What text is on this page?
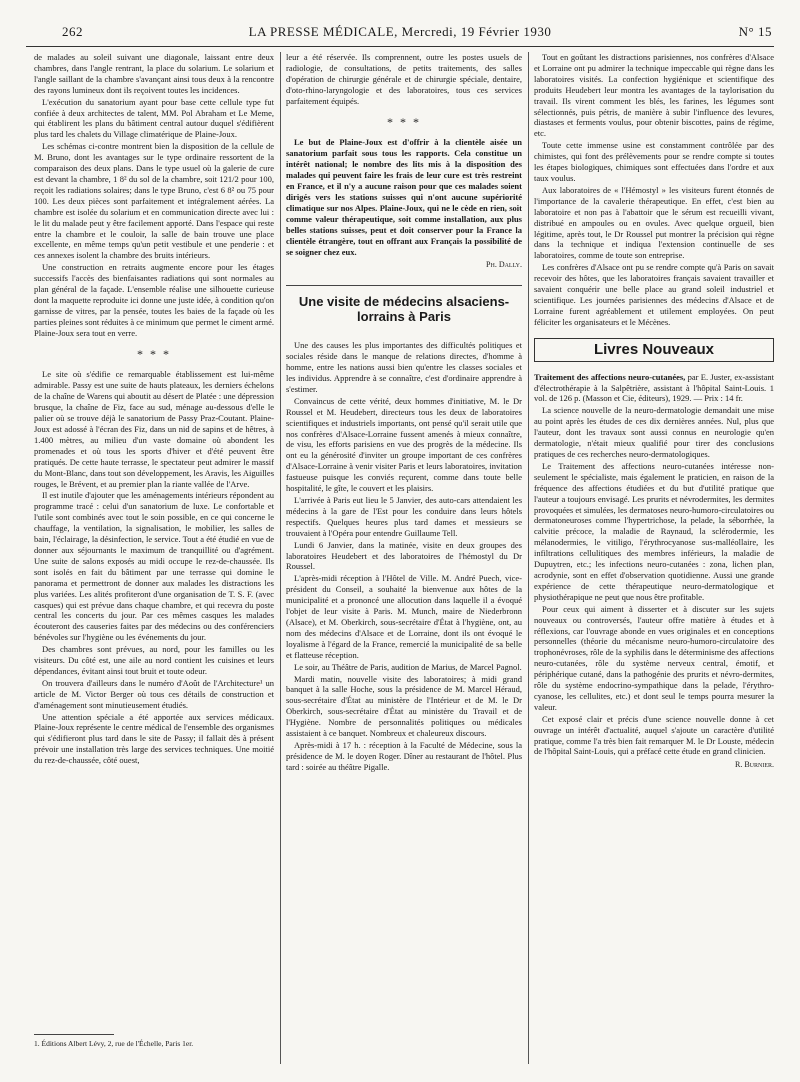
262	LA PRESSE MÉDICALE, Mercredi, 19 Février 1930	N° 15

de malades au soleil suivant une diagonale, laissant entre deux chambres, dans l'angle rentrant, la place du solarium. Le solarium et l'angle saillant de la chambre s'avançant ainsi tous deux à la rencontre des rayons lumineux dont ils reçoivent toutes les incidences.

L'exécution du sanatorium ayant pour base cette cellule type fut confiée à deux architectes de talent, MM. Pol Abraham et Le Meme, qui établirent les plans du bâtiment central autour duquel s'édifièrent plus tard les chalets du Village climatérique de Plaine-Joux.

Les schémas ci-contre montrent bien la disposition de la cellule de M. Bruno, dont les avantages sur le type ordinaire ressortent de la comparaison des deux plans. Dans le type usuel où la galerie de cure est devant la chambre, 1 8² du sol de la chambre, soit 121/2 pour 100, reçoit les radiations solaires; dans le type Bruno, c'est 6 8² ou 75 pour 100. Les deux pièces sont parfaitement et intégralement aérées. La chambre est isolée du solarium et en communication directe avec lui : le lit du malade peut y être facilement apporté. Dans l'espace qui reste entre la chambre et le couloir, la salle de bain trouve une place excellente, en même temps qu'un petit vestibule et une penderie : et ces annexes isolent la chambre des bruits intérieurs.

Une construction en retraits augmente encore pour les étages successifs l'accès des bienfaisantes radiations qui sont normales au plan général de la façade. L'ensemble réalise une silhouette curieuse dont la maquette reproduite ici donne une juste idée, à condition qu'on garnisse de vitres, par la pensée, toutes les baies de la façade où les parties pleines sont réduites à ce minimum que permet le ciment armé. Plaine-Joux sera tout en verre.

* * *

Le site où s'édifie ce remarquable établissement est lui-même admirable. Passy est une suite de hauts plateaux, les derniers échelons de la chaîne de Warens qui aboutit au désert de Platée : une dépression brusque, la chaîne de Fiz, face au sud, ménage au-dessous d'elle le palier où se trouve déjà le sanatorium de Passy Praz-Coutant. Plaine-Joux est adossé à l'écran des Fiz, dans un nid de sapins et de hêtres, à 1.400 mètres, au milieu d'un vaste domaine où abondent les promenades et où tous les sports d'hiver et d'été peuvent être pratiqués. De cette haute terrasse, le spectateur peut admirer le massif du Mont-Blanc, dans tout son développement, les Aravis, les Aiguilles rouges, le Brévent, et au premier plan la riante vallée de l'Arve.

Il est inutile d'ajouter que les aménagements intérieurs répondent au programme tracé : celui d'un sanatorium de luxe. Le confortable et l'utile sont combinés avec tout le soin possible, en ce qui concerne le chauffage, la ventilation, la signalisation, le mobilier, les salles de bain, l'éclairage, la désinfection, le service. Tout a été étudié en vue de donner aux séjournants le maximum de tranquillité ou d'agrément. Une suite de salons exposés au midi occupe le rez-de-chaussée. Ils sont isolés en fait du bâtiment par une terrasse qui domine le panorama et permettront de donner aux malades les distractions les plus variées. Les alités profiteront d'une organisation de T. S. F. (avec casques) qui est prévue dans chaque chambre, et qui recevra du poste central les concerts du jour. Par ces mêmes casques les malades écouteront des causeries faites par des médecins ou des conférenciers bénévoles sur l'hygiène ou les événements du jour.

Des chambres sont prévues, au nord, pour les familles ou les visiteurs. Du côté est, une aile au nord contient les cuisines et leurs dépendances, évitant ainsi tout bruit et toute odeur.

On trouvera d'ailleurs dans le numéro d'Août de l'Architecture¹ un article de M. Victor Berger où tous ces détails de construction et d'aménagement sont minutieusement étudiés.

Une attention spéciale a été apportée aux services médicaux. Plaine-Joux représente le centre médical de l'ensemble des organismes qui s'édifieront plus tard dans le site de Passy; il fallait dès à présent prévoir une installation très large des services techniques. Une moitié du rez-de-chaussée, côté ouest,

1. Éditions Albert Lévy, 2, rue de l'Échelle, Paris 1er.

leur a été réservée. Ils comprennent, outre les postes usuels de radiologie, de consultations, de petits traitements, des salles d'opération de chirurgie générale et de chirurgie spéciale, dentaire, d'oto-rhino-laryngologie et des laboratoires, tous ces services parfaitement équipés.

* * *

Le but de Plaine-Joux est d'offrir à la clientèle aisée un sanatorium parfait sous tous les rapports. Cela constitue un intérêt national; le nombre des lits mis à la disposition des malades qui peuvent faire les frais de leur cure est très restreint en France, et il n'y a aucune raison pour que ces malades soient dirigés vers les stations suisses qui n'ont aucune supériorité climatique sur nos Alpes. Plaine-Joux, qui ne le cède en rien, soit comme valeur thérapeutique, soit comme installation, aux plus belles stations suisses, peut et doit conserver pour la France la clientèle étrangère, tout en offrant aux Français la possibilité de se soigner chez eux.

Ph. Dally.
Une visite de médecins alsaciens-lorrains à Paris

Une des causes les plus importantes des difficultés politiques et sociales réside dans le manque de relations directes, d'homme à homme, entre les nations aussi bien qu'entre les classes sociales et les individus. Apprendre à se connaître, c'est d'ordinaire apprendre à s'estimer.

Convaincus de cette vérité, deux hommes d'initiative, M. le Dr Roussel et M. Heudebert, directeurs tous les deux de laboratoires scientifiques et industriels importants, ont pensé qu'il serait utile que nos confrères d'Alsace-Lorraine fussent amenés à mieux connaître, de visu, les efforts parisiens en vue des progrès de la médecine. Ils ont eu la générosité d'inviter un groupe important de ces confrères d'Alsace-Lorraine à venir visiter Paris et leurs laboratoires, invitation fastueuse puisque les conviés reçurent, comme dans toute belle hospitalité, le gîte, le couvert et les plaisirs.

L'arrivée à Paris eut lieu le 5 Janvier, des auto-cars attendaient les médecins à la gare de l'Est pour les conduire dans leurs hôtels respectifs. Quelques heures plus tard dames et messieurs se trouvaient à l'Opéra pour entendre Guillaume Tell.

Lundi 6 Janvier, dans la matinée, visite en deux groupes des laboratoires Heudebert et des laboratoires de l'hémostyl du Dr Roussel.

L'après-midi réception à l'Hôtel de Ville. M. André Puech, vice-président du Conseil, a souhaité la bienvenue aux hôtes de la municipalité et a prononcé une allocution dans laquelle il a évoqué l'objet de leur visite à Paris. M. Munch, maire de Niederbronn (Alsace), et M. Oberkirch, sous-secrétaire d'État à l'hygiène, ont, au nom des médecins d'Alsace et de Lorraine, dont ils ont évoqué le loyalisme à l'égard de la France, remercié la municipalité de sa belle et flatteuse réception.

Le soir, au Théâtre de Paris, audition de Marius, de Marcel Pagnol.

Mardi matin, nouvelle visite des laboratoires; à midi grand banquet à la salle Hoche, sous la présidence de M. Marcel Héraud, sous-secrétaire d'État au ministère de l'Intérieur et de M. le Dr Oberkirch, sous-secrétaire d'État au ministère du Travail et de l'Hygiène. Nombre de personnalités politiques ou médicales assistaient à ce banquet. Nombreux et chaleureux discours.

Après-midi à 17 h. : réception à la Faculté de Médecine, sous la présidence de M. le doyen Roger. Dîner au restaurant de l'hôtel. Plus tard : soirée au théâtre Pigalle.

Tout en goûtant les distractions parisiennes, nos confrères d'Alsace et Lorraine ont pu admirer la technique impeccable qui règne dans les laboratoires visités. La confection hygiénique et scientifique des produits Heudebert leur montra les avantages de la taylorisation du travail. Ils virent comment les blés, les farines, les légumes sont sélectionnés, puis pétris, de manière à subir l'influence des levures, diastases et ferments voulus, pour obtenir biscottes, pains de régime, etc.

Toute cette immense usine est constamment contrôlée par des chimistes, qui font des prélèvements pour se rendre compte si toutes les étapes biologiques, chimiques sont effectuées dans l'ordre et aux taux voulus.

Aux laboratoires de « l'Hémostyl » les visiteurs furent étonnés de l'importance de la cavalerie thérapeutique. En effet, c'est bien au laboratoire et non pas à l'abattoir que le sérum est recueilli vivant, distribué en ampoules ou en ovules. Avec quelque orgueil, bien légitime, après tout, le Dr Roussel put montrer la précision qui règne dans la technique et indiqua l'extension continuelle de ses laboratoires, comme de toute son entreprise.

Les confrères d'Alsace ont pu se rendre compte qu'à Paris on savait recevoir des hôtes, que les laboratoires français savaient travailler et savaient conquérir une belle place au grand soleil industriel et scientifique. Les journées parisiennes des médecins d'Alsace et de Lorraine furent agréablement et utilement employées. On peut féliciter les organisateurs et le Mécènes.

Livres Nouveaux

Traitement des affections neuro-cutanées, par E. Juster, ex-assistant d'électrothérapie à la Salpêtrière, assistant à l'hôpital Saint-Louis. 1 vol. de 126 p. (Masson et Cie, éditeurs), 1929. — Prix : 14 fr.

La science nouvelle de la neuro-dermatologie demandait une mise au point après les études de ces dix dernières années. Nul, plus que l'auteur, dont les travaux sont aussi connus en neurologie qu'en dermatologie, n'était mieux qualifié pour tirer des conclusions pratiques de ces recherches neuro-dermatologiques.

Le Traitement des affections neuro-cutanées intéresse non-seulement le spécialiste, mais également le praticien, en raison de la fréquence des affections étudiées et du but d'utilité pratique que l'auteur a toujours envisagé. Les prurits et névrodermites, les dermites provoquées et simulées, les dermatoses neuro-humoro-circulatoires ou dermatoneuroses comme l'hypertrichose, la pelade, la séborrhée, la calvitie précoce, la maladie de Raynaud, la sclérodermie, les mélanodermies, le vitiligo, l'érythrocyanose sus-malléollaire, les infiltrations cellulitiques des membres inférieurs, la maladie de Dupuytren, etc.; les infections neuro-cutanées : zona, lichen plan, acrodynie, sont en effet d'observation quotidienne. Aussi une grande expérience de cette thérapeutique neuro-dermatologique et physiothérapique ne peut que nous être profitable.

Pour ceux qui aiment à disserter et à discuter sur les sujets nouveaux ou controversés, l'auteur offre matière à études et à réflexions, car l'ouvrage abonde en vues originales et en conceptions personnelles (théorie du mécanisme neuro-humoro-circulatoire des trophonévroses, rôle de la syphilis dans le déterminisme des affections neuro-cutanées, rôle du système nerveux central, émotif, et périphérique cutané, dans la pathogénie des prurits et névro-dermites, rôle du système endocrino-sympathique dans la pelade, l'érythro-cyanose, les cellulites, etc.) et dont seul le temps pourra mesurer la valeur.

Cet exposé clair et précis d'une science nouvelle donne à cet ouvrage un intérêt d'actualité, auquel s'ajoute un caractère d'utilité pratique, comme l'a très bien fait remarquer M. le Dr Louste, médecin de l'hôpital Saint-Louis, qui a préfacé cette étude en grand clinicien.

R. Burnier.
